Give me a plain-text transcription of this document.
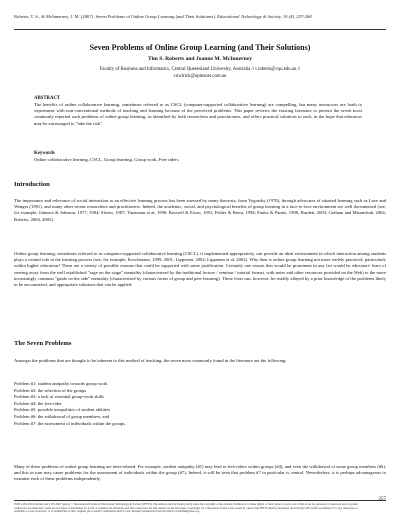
Roberts, T. S., & McInnerney, J. M. (2007). Seven Problems of Online Group Learning (and Their Solutions). Educational Technology & Society, 10 (4), 257-268.
Seven Problems of Online Group Learning (and Their Solutions)
Tim S. Roberts and Joanne M. McInnerney
Faculty of Business and Informatics, Central Queensland University, Australia // t.roberts@cqu.edu.au //
cowlrick@optusnet.com.au
ABSTRACT
The benefits of online collaborative learning, sometimes referred to as CSCL (computer-supported collaborative learning) are compelling, but many instructors are loath to experiment with non-conventional methods of teaching and learning because of the perceived problems. This paper reviews the existing literature to present the seven most commonly reported such problems of online group learning, as identified by both researchers and practitioners, and offers practical solutions to each, in the hope that educators may be encouraged to "take the risk".
Keywords
Online collaborative learning, CSCL, Group learning, Group work, Free riders
Introduction
The importance and relevance of social interaction to an effective learning process has been stressed by many theorists, from Vygotsky (1978), through advocates of situated learning such as Lave and Wenger (1991), and many other recent researchers and practitioners. Indeed, the academic, social, and psychological benefits of group learning in a face-to-face environment are well documented (see, for example, Johnson & Johnson, 1977, 1984; Slavin, 1987; Tinzmann et al, 1990; Boswell & Eison, 1991; Felder & Brent, 1994; Panitz & Panitz, 1998; Burdett, 2003; Graham and Misanchuk, 2004; Roberts, 2004, 2005).
Online group learning, sometimes referred to as computer-supported collaborative learning (CSCL), if implemented appropriately, can provide an ideal environment in which interaction among students plays a central role in the learning process (see, for example, Koschmann, 1999, 2001; Lipponen, 2002; Lipponen et al, 2002). Why then is online group learning not more widely practiced, particularly within higher education? There are a variety of possible reasons that could be supported with some justification. Certainly one reason that would be prominent in any list would be educators' fears of veering away from the well established "sage on the stage" mentality (characterised by the traditional lecture / seminar / tutorial format, with notes and other resources provided on the Web) to the more increasingly common "guide on the side" mentality (characterised by various forms of group and peer learning). These fears can, however, be readily allayed by a prior knowledge of the problems likely to be encountered, and appropriate solutions that can be applied.
The Seven Problems
Amongst the problems that are thought to be inherent to this method of teaching, the seven most commonly found in the literature are the following:
Problem #1: student antipathy towards group work
Problem #2: the selection of the groups
Problem #3: a lack of essential group-work skills
Problem #4: the free-rider
Problem #5: possible inequalities of student abilities
Problem #6: the withdrawal of group members; and
Problem #7: the assessment of individuals within the groups.
Many of these problems of online group learning are inter-related. For example, student antipathy (#1) may lead to free-riders within groups (#4), and even the withdrawal of some group members (#6), and this in turn may cause problems for the assessment of individuals within the group (#7). Indeed, it will be seen that problem #7 in particular is central. Nevertheless, it is perhaps advantageous to examine each of these problems independently,
ISSN 1436-4522 (online) and 1176-3647 (print). © International Forum of Educational Technology & Society (IFETS). The authors and the forum jointly retain the copyright of the articles. Permission to make digital or hard copies of part or all of this work for personal or classroom use is granted without fee provided that copies are not made or distributed for profit or commercial advantage and that copies bear the full citation on the first page. Copyrights for components of this work owned by others than IFETS must be honoured. Abstracting with credit is permitted. To copy otherwise, to republish, to post on servers, or to redistribute to lists, requires prior specific permission and/or a fee. Request permissions from the editors at kinshuk@ieee.org.
257
